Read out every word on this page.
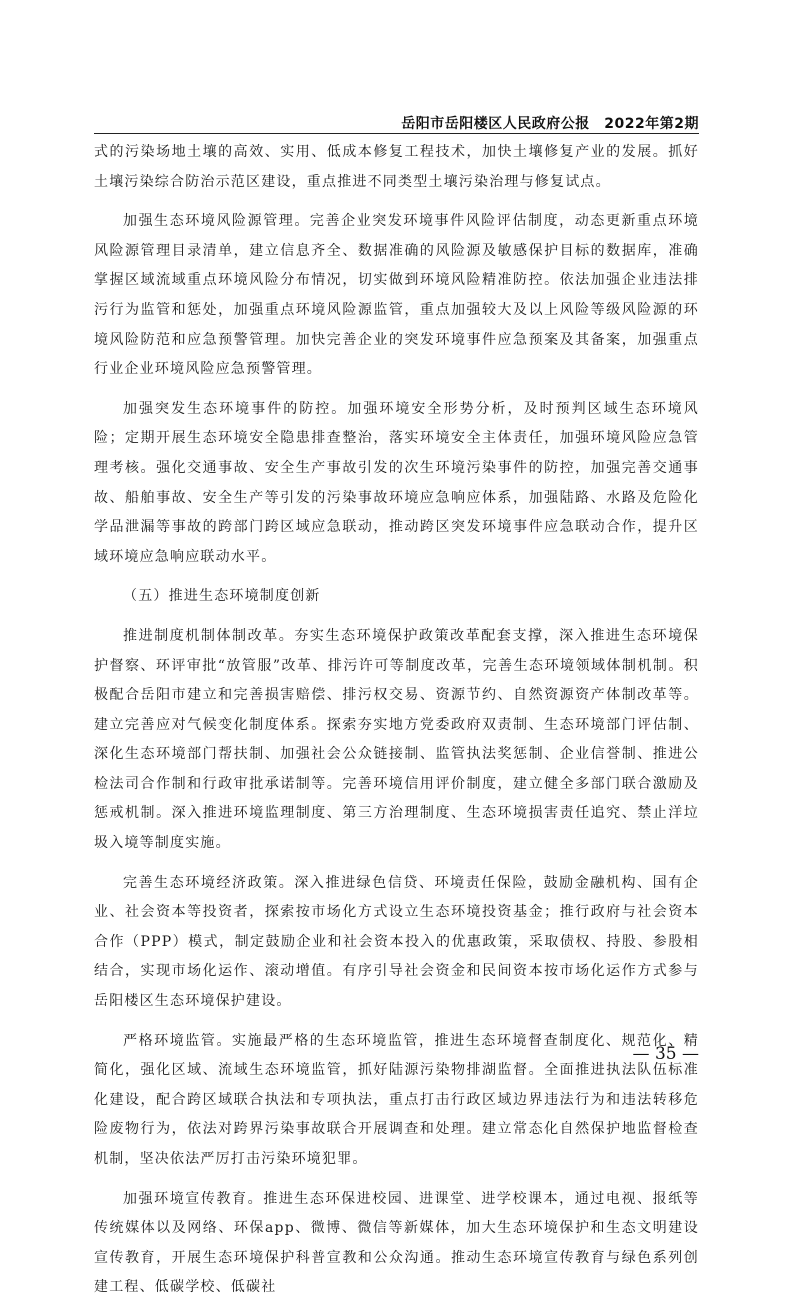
岳阳市岳阳楼区人民政府公报　2022年第2期

式的污染场地土壤的高效、实用、低成本修复工程技术，加快土壤修复产业的发展。抓好土壤污染综合防治示范区建设，重点推进不同类型土壤污染治理与修复试点。

加强生态环境风险源管理。完善企业突发环境事件风险评估制度，动态更新重点环境风险源管理目录清单，建立信息齐全、数据准确的风险源及敏感保护目标的数据库，准确掌握区域流域重点环境风险分布情况，切实做到环境风险精准防控。依法加强企业违法排污行为监管和惩处，加强重点环境风险源监管，重点加强较大及以上风险等级风险源的环境风险防范和应急预警管理。加快完善企业的突发环境事件应急预案及其备案，加强重点行业企业环境风险应急预警管理。

加强突发生态环境事件的防控。加强环境安全形势分析，及时预判区域生态环境风险；定期开展生态环境安全隐患排查整治，落实环境安全主体责任，加强环境风险应急管理考核。强化交通事故、安全生产事故引发的次生环境污染事件的防控，加强完善交通事故、船舶事故、安全生产等引发的污染事故环境应急响应体系，加强陆路、水路及危险化学品泄漏等事故的跨部门跨区域应急联动，推动跨区突发环境事件应急联动合作，提升区域环境应急响应联动水平。

（五）推进生态环境制度创新

推进制度机制体制改革。夯实生态环境保护政策改革配套支撑，深入推进生态环境保护督察、环评审批“放管服”改革、排污许可等制度改革，完善生态环境领域体制机制。积极配合岳阳市建立和完善损害赔偿、排污权交易、资源节约、自然资源资产体制改革等。建立完善应对气候变化制度体系。探索夯实地方党委政府双责制、生态环境部门评估制、深化生态环境部门帮扶制、加强社会公众链接制、监管执法奖惩制、企业信誉制、推进公检法司合作制和行政审批承诺制等。完善环境信用评价制度，建立健全多部门联合激励及惩戒机制。深入推进环境监理制度、第三方治理制度、生态环境损害责任追究、禁止洋垃圾入境等制度实施。

完善生态环境经济政策。深入推进绿色信贷、环境责任保险，鼓励金融机构、国有企业、社会资本等投资者，探索按市场化方式设立生态环境投资基金；推行政府与社会资本合作（PPP）模式，制定鼓励企业和社会资本投入的优惠政策，采取债权、持股、参股相结合，实现市场化运作、滚动增值。有序引导社会资金和民间资本按市场化运作方式参与岳阳楼区生态环境保护建设。

严格环境监管。实施最严格的生态环境监管，推进生态环境督查制度化、规范化、精简化，强化区域、流域生态环境监管，抓好陆源污染物排湖监督。全面推进执法队伍标准化建设，配合跨区域联合执法和专项执法，重点打击行政区域边界违法行为和违法转移危险废物行为，依法对跨界污染事故联合开展调查和处理。建立常态化自然保护地监督检查机制，坚决依法严厉打击污染环境犯罪。

加强环境宣传教育。推进生态环保进校园、进课堂、进学校课本，通过电视、报纸等传统媒体以及网络、环保app、微博、微信等新媒体，加大生态环境保护和生态文明建设宣传教育，开展生态环境保护科普宣教和公众沟通。推动生态环境宣传教育与绿色系列创建工程、低碳学校、低碳社

— 35 —
